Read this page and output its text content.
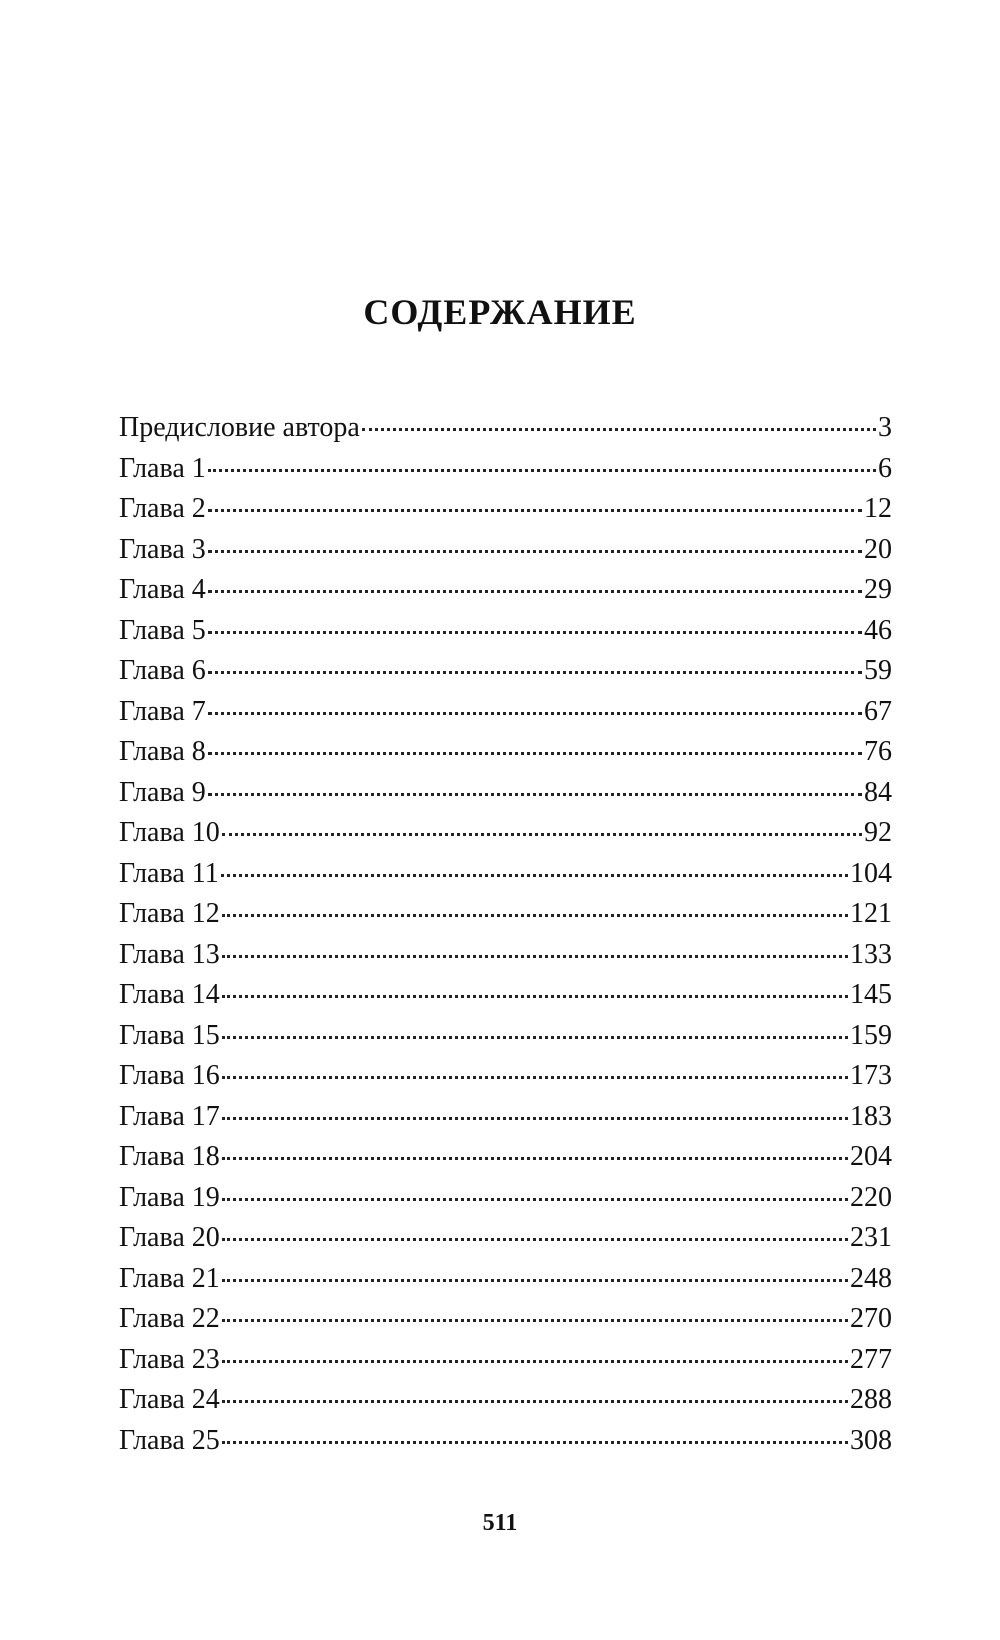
СОДЕРЖАНИЕ
Предисловие автора	3
Глава 1	6
Глава 2	12
Глава 3	20
Глава 4	29
Глава 5	46
Глава 6	59
Глава 7	67
Глава 8	76
Глава 9	84
Глава 10	92
Глава 11	104
Глава 12	121
Глава 13	133
Глава 14	145
Глава 15	159
Глава 16	173
Глава 17	183
Глава 18	204
Глава 19	220
Глава 20	231
Глава 21	248
Глава 22	270
Глава 23	277
Глава 24	288
Глава 25	308
511
